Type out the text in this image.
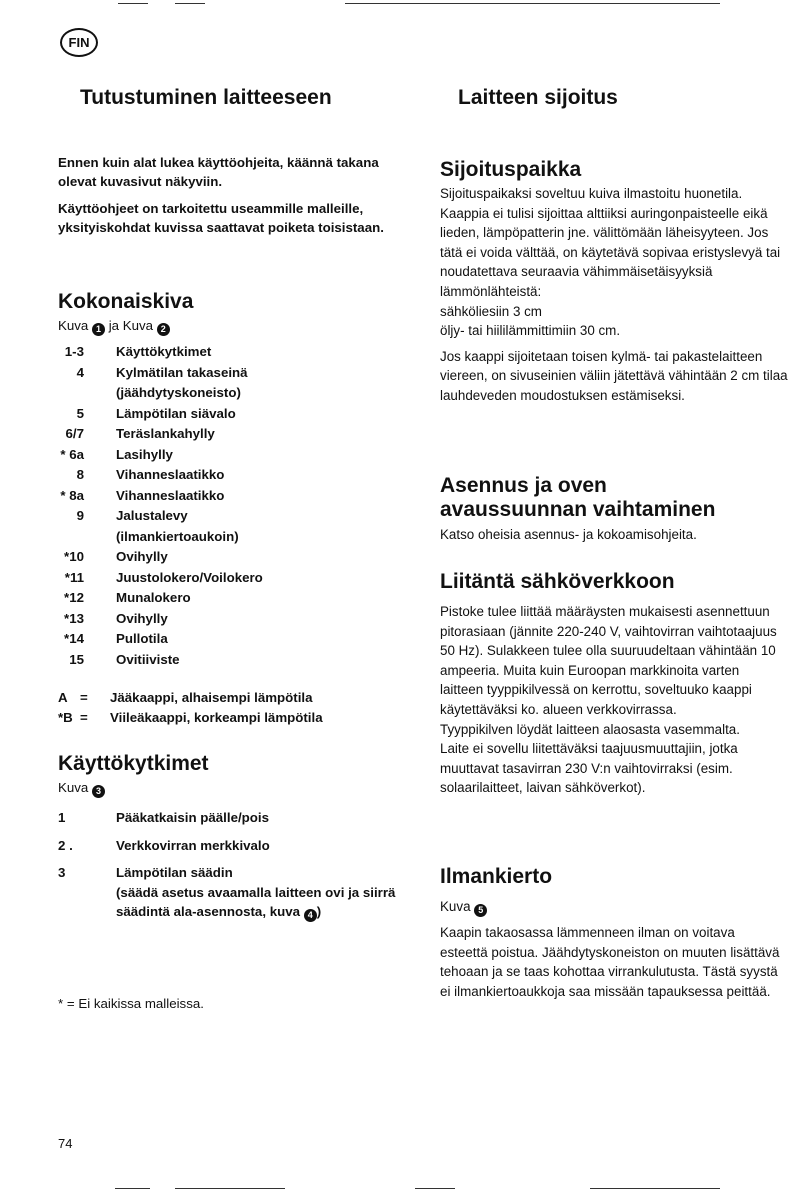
FIN
Tutustuminen laitteeseen

Ennen kuin alat lukea käyttöohjeita, käännä takana olevat kuvasivut näkyviin.

Käyttöohjeet on tarkoitettu useammille malleille, yksityiskohdat kuvissa saattavat poiketa toisistaan.

Kokonaiskiva

Kuva 1 ja Kuva 2

1-3	Käyttökytkimet
4	Kylmätilan takaseinä
(jäähdytyskoneisto)
5	Lämpötilan siävalo
6/7	Teräslankahylly
* 6a	Lasihylly
8	Vihanneslaatikko
* 8a	Vihanneslaatikko
9	Jalustalevy
(ilmankiertoaukoin)
*10	Ovihylly
*11	Juustolokero/Voilokero
*12	Munalokero
*13	Ovihylly
*14	Pullotila
15	Ovitiiviste
A =	Jääkaappi, alhaisempi lämpötila
*B =	Viileäkaappi, korkeampi lämpötila
Käyttökytkimet

Kuva 3

1	Pääkatkaisin päälle/pois
2 .	Verkkovirran merkkivalo
3	Lämpötilan säädin
(säädä asetus avaamalla laitteen ovi ja siirrä säädintä ala-asennosta, kuva 4 )

* = Ei kaikissa malleissa.

Laitteen sijoitus
Sijoituspaikka

Sijoituspaikaksi soveltuu kuiva ilmastoitu huonetila. Kaappia ei tulisi sijoittaa alttiiksi auringonpaisteelle eikä lieden, lämpöpatterin jne. välittömään läheisyyteen. Jos tätä ei voida välttää, on käytetävä sopivaa eristyslevyä tai noudatettava seuraavia vähimmäisetäisyyksiä lämmönlähteistä:

sähköliesiin 3 cm

öljy- tai hiililämmittimiin 30 cm.

Jos kaappi sijoitetaan toisen kylmä- tai pakastelaitteen viereen, on sivuseinien väliin jätettävä vähintään 2 cm tilaa lauhdeveden moudostuksen estämiseksi.

Asennus ja oven
avaussuunnan vaihtaminen

Katso oheisia asennus- ja kokoamisohjeita.

Liitäntä sähköverkkoon

Pistoke tulee liittää määräysten mukaisesti asennettuun pitorasiaan (jännite 220-240 V, vaihtovirran vaihtotaajuus 50 Hz). Sulakkeen tulee olla suuruudeltaan vähintään 10 ampeeria. Muita kuin Euroopan markkinoita varten laitteen tyyppikilvessä on kerrottu, soveltuuko kaappi käytettäväksi ko. alueen verkkovirrassa.

Tyyppikilven löydät laitteen alaosasta vasemmalta.

Laite ei sovellu liitettäväksi taajuusmuuttajiin, jotka muuttavat tasavirran 230 V:n vaihtovirraksi (esim. solaarilaitteet, laivan sähköverkot).

Ilmankierto

Kuva 5

Kaapin takaosassa lämmenneen ilman on voitava esteettä poistua. Jäähdytyskoneiston on muuten lisättävä tehoaan ja se taas kohottaa virrankulutusta. Tästä syystä ei ilmankiertoaukkoja saa missään tapauksessa peittää.

74
